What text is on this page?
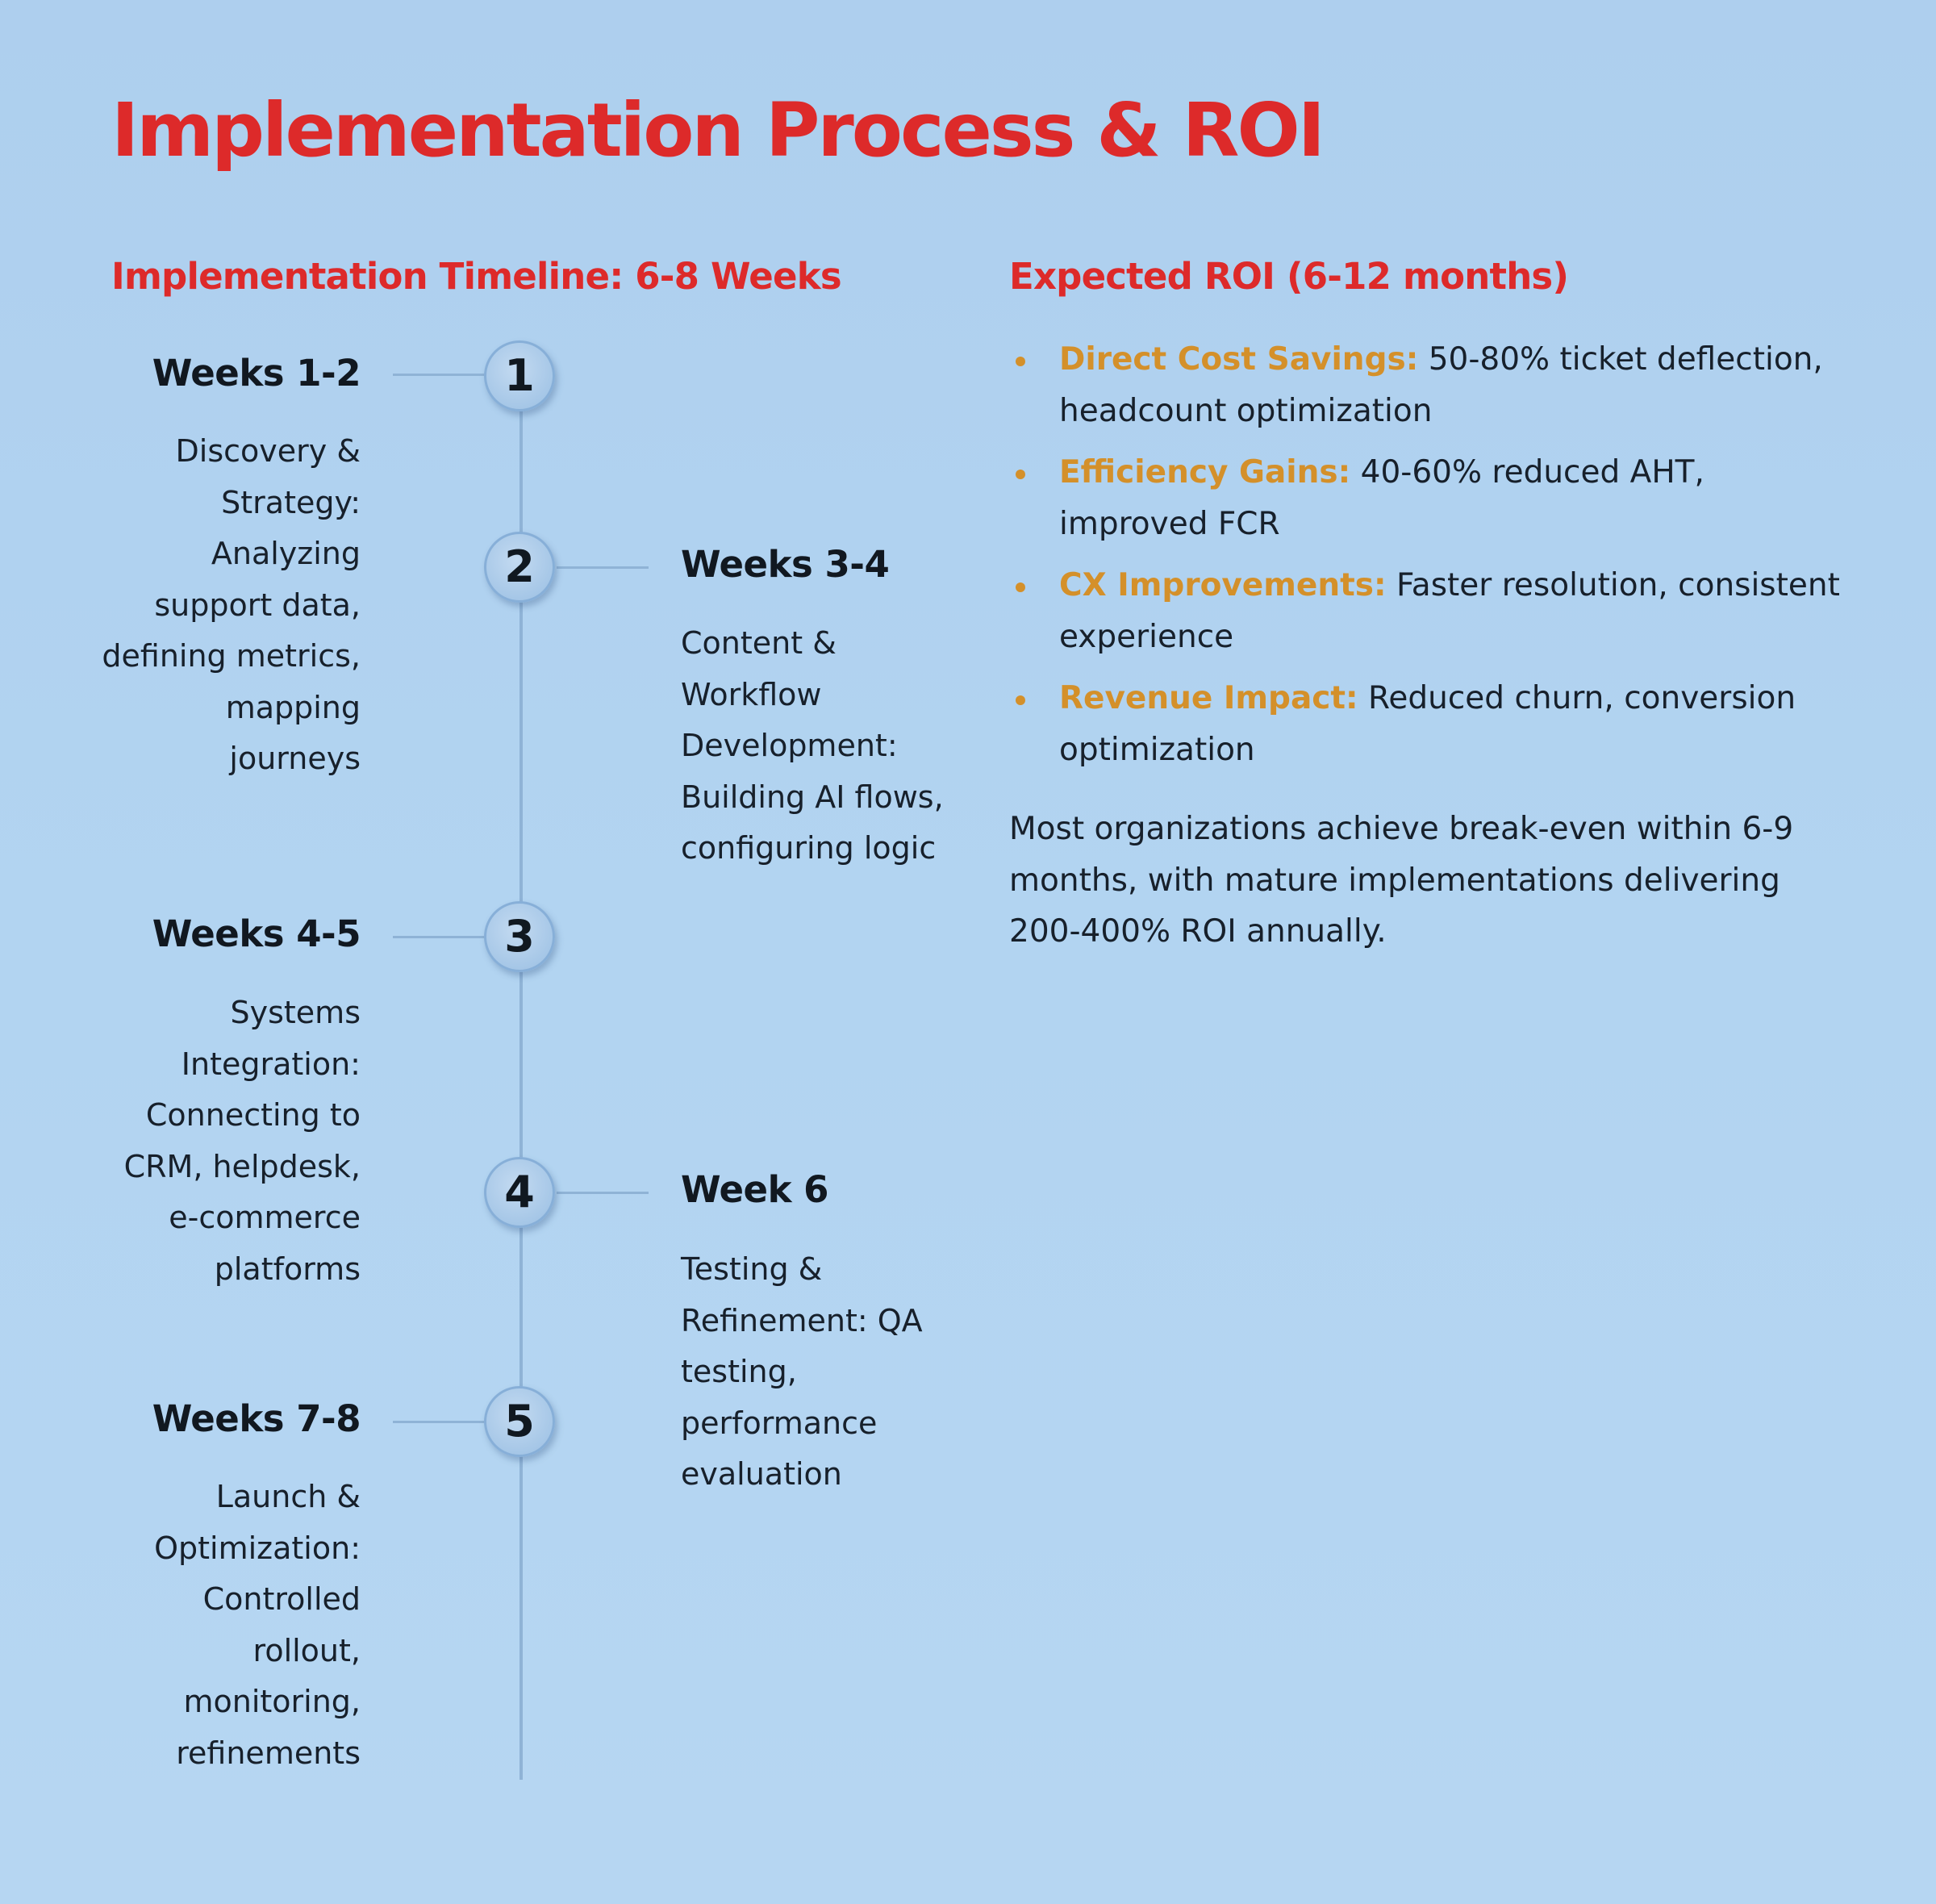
Implementation Process & ROI
Implementation Timeline: 6-8 Weeks	Expected ROI (6-12 months)
1
Weeks 1-2
Discovery & Strategy: Analyzing support data, defining metrics, mapping journeys
2	Weeks 3-4
Content & Workflow Development: Building AI flows, configuring logic
3
Weeks 4-5
Systems Integration: Connecting to CRM, helpdesk, e-commerce platforms
4	Week 6
Testing & Refinement: QA testing, performance evaluation
5
Weeks 7-8
Launch & Optimization: Controlled rollout, monitoring, refinements
Direct Cost Savings: 50-80% ticket deflection, headcount optimization
Efficiency Gains: 40-60% reduced AHT, improved FCR
CX Improvements: Faster resolution, consistent experience
Revenue Impact: Reduced churn, conversion optimization

Most organizations achieve break-even within 6-9 months, with mature implementations delivering 200-400% ROI annually.
